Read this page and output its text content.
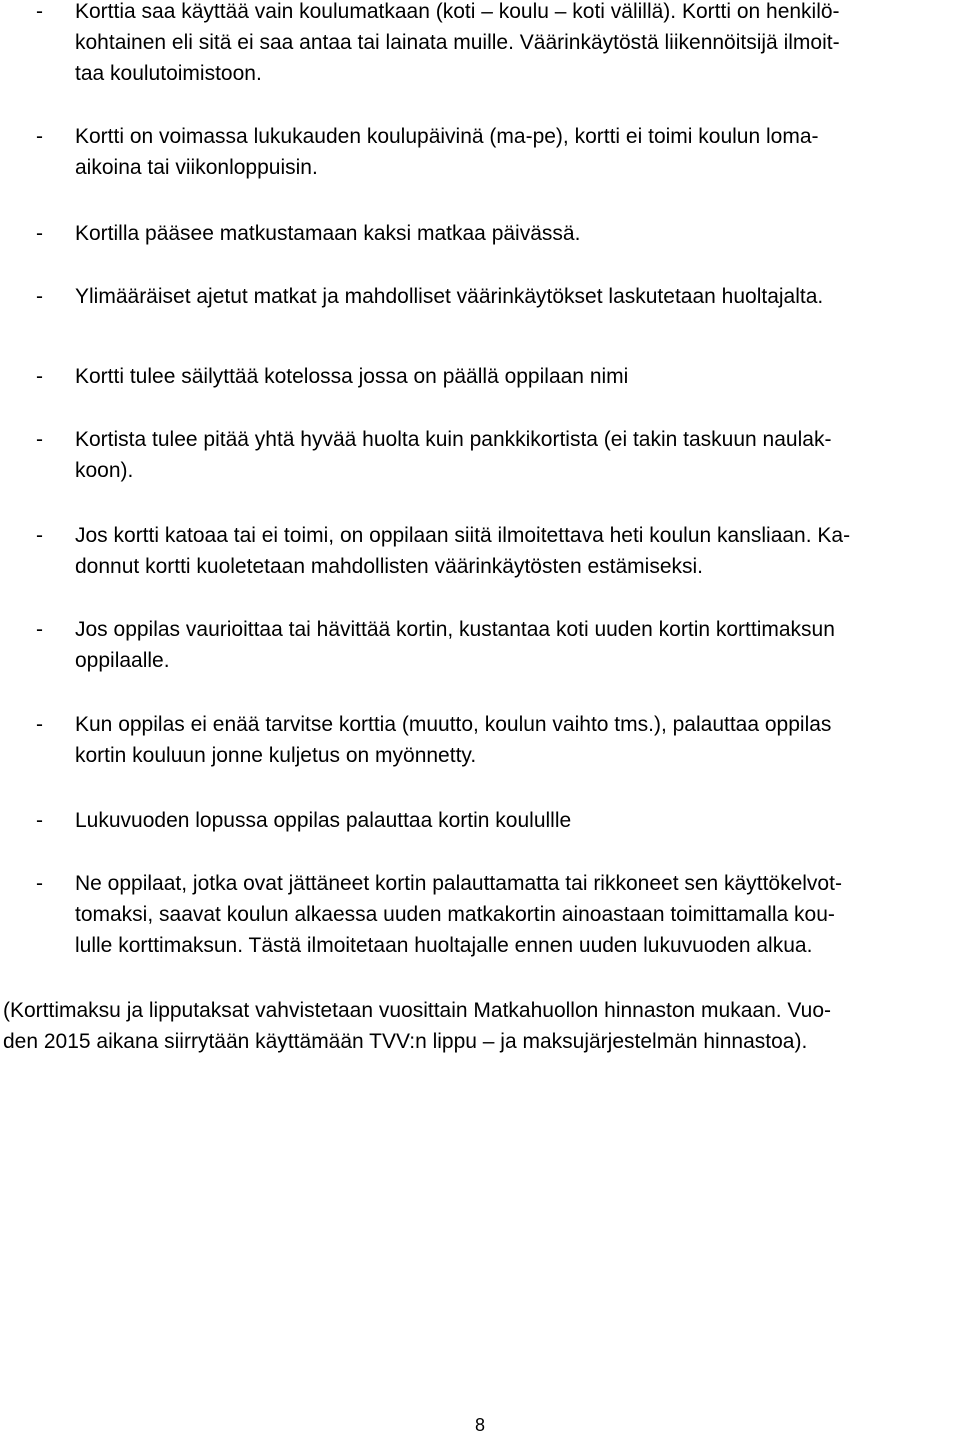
- Korttia saa käyttää vain koulumatkaan (koti – koulu – koti välillä). Kortti on henkilö-
kohtainen eli sitä ei saa antaa tai lainata muille. Väärinkäytöstä liikennöitsijä ilmoit-
taa koulutoimistoon.
- Kortti on voimassa lukukauden koulupäivinä (ma-pe), kortti ei toimi koulun loma-
aikoina tai viikonloppuisin.
- Kortilla pääsee matkustamaan kaksi matkaa päivässä.
- Ylimääräiset ajetut matkat ja mahdolliset väärinkäytökset laskutetaan huoltajalta.
- Kortti tulee säilyttää kotelossa jossa on päällä oppilaan nimi
- Kortista tulee pitää yhtä hyvää huolta kuin pankkikortista (ei takin taskuun naulak-
koon).
- Jos kortti katoaa tai ei toimi, on oppilaan siitä ilmoitettava heti koulun kansliaan. Ka-
donnut kortti kuoletetaan mahdollisten väärinkäytösten estämiseksi.
- Jos oppilas vaurioittaa tai hävittää kortin, kustantaa koti uuden kortin korttimaksun
oppilaalle.
- Kun oppilas ei enää tarvitse korttia (muutto, koulun vaihto tms.), palauttaa oppilas
kortin kouluun jonne kuljetus on myönnetty.
- Lukuvuoden lopussa oppilas palauttaa kortin koulullle
- Ne oppilaat, jotka ovat jättäneet kortin palauttamatta tai rikkoneet sen käyttökelvot-
tomaksi, saavat koulun alkaessa uuden matkakortin ainoastaan toimittamalla kou-
lulle korttimaksun. Tästä ilmoitetaan huoltajalle ennen uuden lukuvuoden alkua.
(Korttimaksu ja lipputaksat vahvistetaan vuosittain Matkahuollon hinnaston mukaan. Vuo-
den 2015 aikana siirrytään käyttämään TVV:n lippu – ja maksujärjestelmän hinnastoa).
8
